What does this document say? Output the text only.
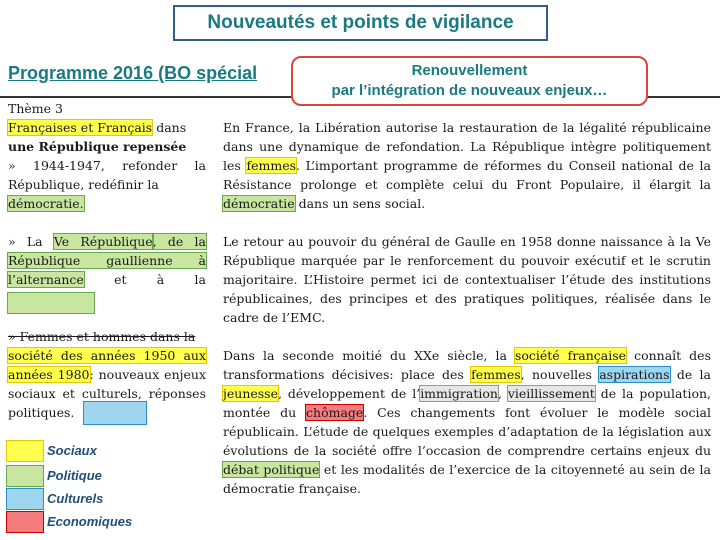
Nouveautés et points de vigilance
Programme 2016 (BO spécial	Renouvellement
par l’intégration de nouveaux enjeux…
Thème 3
Françaises et Français dans
une République repensée
» 1944-1947, refonder la République, redéfinir la
démocratie.
En France, la Libération autorise la restauration de la légalité républicaine dans une dynamique de refondation. La République intègre politiquement les femmes. L’important programme de réformes du Conseil national de la Résistance prolonge et complète celui du Front Populaire, il élargit la démocratie dans un sens social.
» La Ve République, de la République gaullienne à l’alternance et à la
Le retour au pouvoir du général de Gaulle en 1958 donne naissance à la Ve République marquée par le renforcement du pouvoir exécutif et le scrutin majoritaire. L’Histoire permet ici de contextualiser l’étude des institutions républicaines, des principes et des pratiques politiques, réalisée dans le cadre de l’EMC.
» Femmes et hommes dans la
société des années 1950 aux années 1980: nouveaux enjeux sociaux et culturels, réponses politiques.
Dans la seconde moitié du XXe siècle, la société française connaît des transformations décisives: place des femmes, nouvelles aspirations de la jeunesse, développement de l’immigration, vieillissement de la population, montée du chômage. Ces changements font évoluer le modèle social républicain. L’étude de quelques exemples d’adaptation de la législation aux évolutions de la société offre l’occasion de comprendre certains enjeux du débat politique et les modalités de l’exercice de la citoyenneté au sein de la démocratie française.
Sociaux
Politique
Culturels
Economiques
